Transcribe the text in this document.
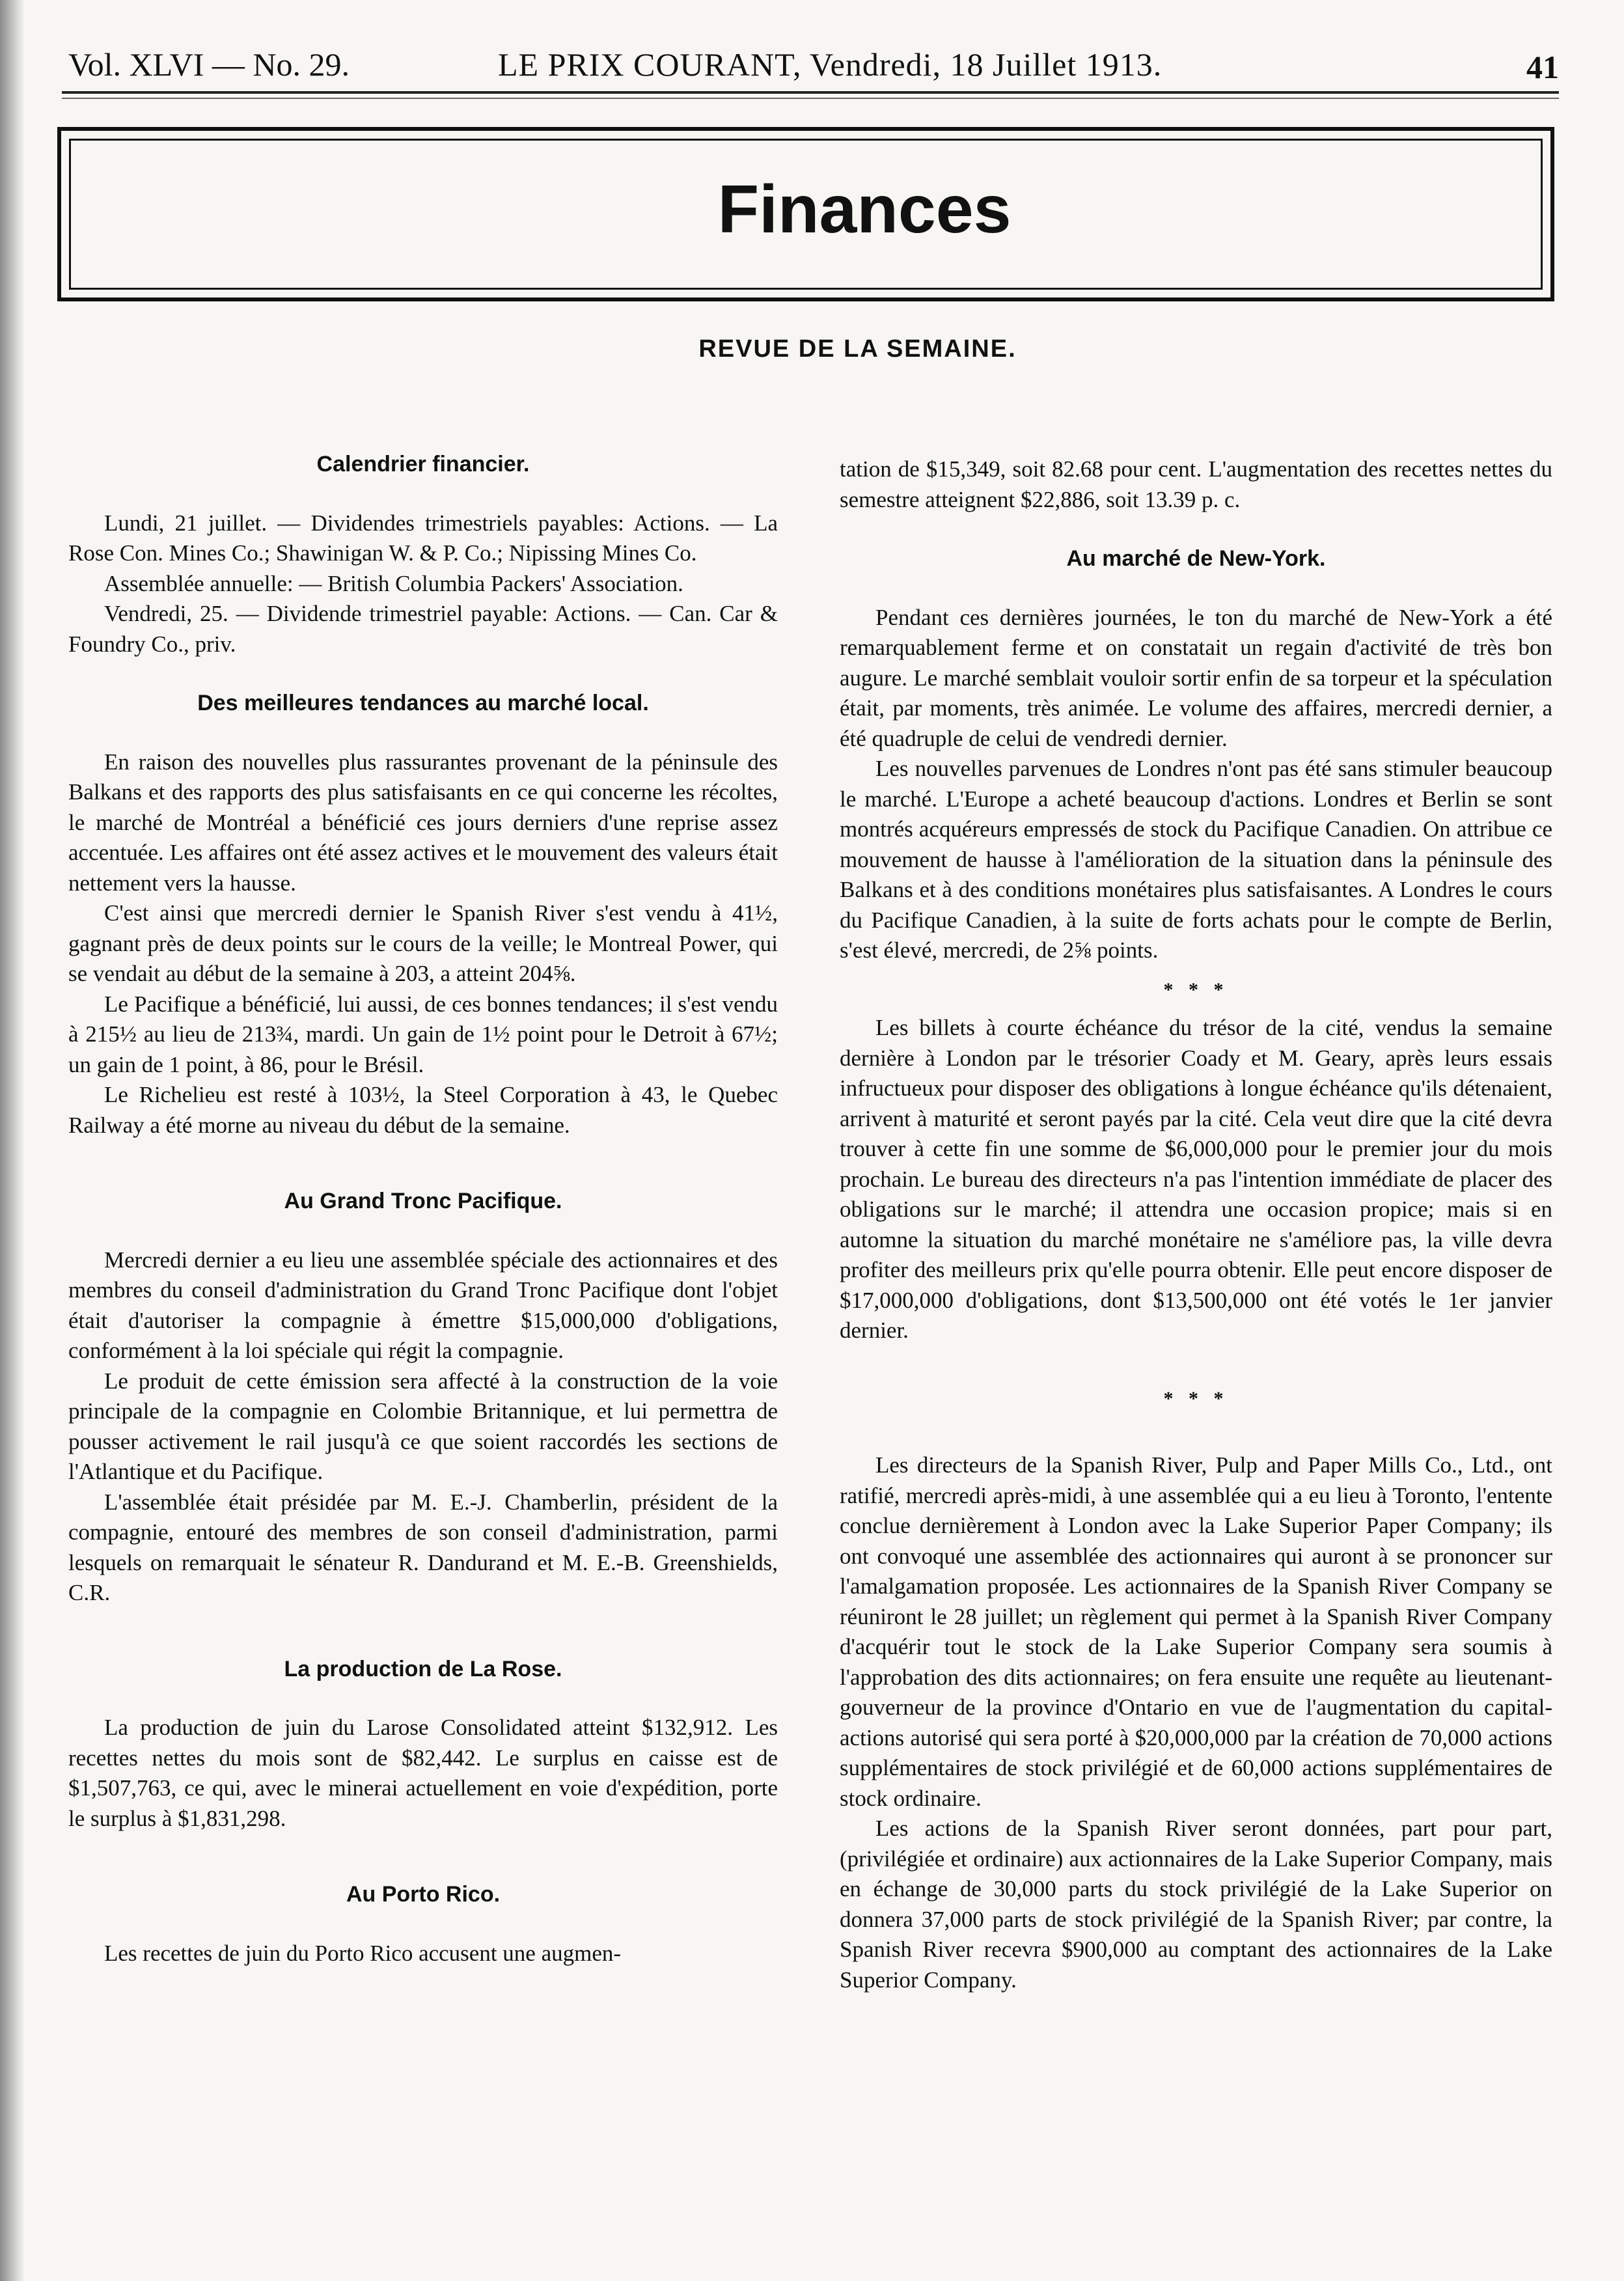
Vol. XLVI — No. 29.	LE PRIX COURANT, Vendredi, 18 Juillet 1913.	41
Finances
REVUE DE LA SEMAINE.

Calendrier financier.

Lundi, 21 juillet. — Dividendes trimestriels payables: Actions. — La Rose Con. Mines Co.; Shawinigan W. & P. Co.; Nipissing Mines Co.

Assemblée annuelle: — British Columbia Packers' Association.

Vendredi, 25. — Dividende trimestriel payable: Actions. — Can. Car & Foundry Co., priv.

Des meilleures tendances au marché local.

En raison des nouvelles plus rassurantes provenant de la péninsule des Balkans et des rapports des plus satisfaisants en ce qui concerne les récoltes, le marché de Montréal a bénéficié ces jours derniers d'une reprise assez accentuée. Les affaires ont été assez actives et le mouvement des valeurs était nettement vers la hausse.

C'est ainsi que mercredi dernier le Spanish River s'est vendu à 41½, gagnant près de deux points sur le cours de la veille; le Montreal Power, qui se vendait au début de la semaine à 203, a atteint 204⅝.

Le Pacifique a bénéficié, lui aussi, de ces bonnes tendances; il s'est vendu à 215½ au lieu de 213¾, mardi. Un gain de 1½ point pour le Detroit à 67½; un gain de 1 point, à 86, pour le Brésil.

Le Richelieu est resté à 103½, la Steel Corporation à 43, le Quebec Railway a été morne au niveau du début de la semaine.

Au Grand Tronc Pacifique.

Mercredi dernier a eu lieu une assemblée spéciale des actionnaires et des membres du conseil d'administration du Grand Tronc Pacifique dont l'objet était d'autoriser la compagnie à émettre $15,000,000 d'obligations, conformément à la loi spéciale qui régit la compagnie.

Le produit de cette émission sera affecté à la construction de la voie principale de la compagnie en Colombie Britannique, et lui permettra de pousser activement le rail jusqu'à ce que soient raccordés les sections de l'Atlantique et du Pacifique.

L'assemblée était présidée par M. E.-J. Chamberlin, président de la compagnie, entouré des membres de son conseil d'administration, parmi lesquels on remarquait le sénateur R. Dandurand et M. E.-B. Greenshields, C.R.

La production de La Rose.

La production de juin du Larose Consolidated atteint $132,912. Les recettes nettes du mois sont de $82,442. Le surplus en caisse est de $1,507,763, ce qui, avec le minerai actuellement en voie d'expédition, porte le surplus à $1,831,298.

Au Porto Rico.

Les recettes de juin du Porto Rico accusent une augmen-

tation de $15,349, soit 82.68 pour cent. L'augmentation des recettes nettes du semestre atteignent $22,886, soit 13.39 p. c.

Au marché de New-York.

Pendant ces dernières journées, le ton du marché de New-York a été remarquablement ferme et on constatait un regain d'activité de très bon augure. Le marché semblait vouloir sortir enfin de sa torpeur et la spéculation était, par moments, très animée. Le volume des affaires, mercredi dernier, a été quadruple de celui de vendredi dernier.

Les nouvelles parvenues de Londres n'ont pas été sans stimuler beaucoup le marché. L'Europe a acheté beaucoup d'actions. Londres et Berlin se sont montrés acquéreurs empressés de stock du Pacifique Canadien. On attribue ce mouvement de hausse à l'amélioration de la situation dans la péninsule des Balkans et à des conditions monétaires plus satisfaisantes. A Londres le cours du Pacifique Canadien, à la suite de forts achats pour le compte de Berlin, s'est élevé, mercredi, de 2⅝ points.

* * *

Les billets à courte échéance du trésor de la cité, vendus la semaine dernière à London par le trésorier Coady et M. Geary, après leurs essais infructueux pour disposer des obligations à longue échéance qu'ils détenaient, arrivent à maturité et seront payés par la cité. Cela veut dire que la cité devra trouver à cette fin une somme de $6,000,000 pour le premier jour du mois prochain. Le bureau des directeurs n'a pas l'intention immédiate de placer des obligations sur le marché; il attendra une occasion propice; mais si en automne la situation du marché monétaire ne s'améliore pas, la ville devra profiter des meilleurs prix qu'elle pourra obtenir. Elle peut encore disposer de $17,000,000 d'obligations, dont $13,500,000 ont été votés le 1er janvier dernier.

* * *

Les directeurs de la Spanish River, Pulp and Paper Mills Co., Ltd., ont ratifié, mercredi après-midi, à une assemblée qui a eu lieu à Toronto, l'entente conclue dernièrement à London avec la Lake Superior Paper Company; ils ont convoqué une assemblée des actionnaires qui auront à se prononcer sur l'amalgamation proposée. Les actionnaires de la Spanish River Company se réuniront le 28 juillet; un règlement qui permet à la Spanish River Company d'acquérir tout le stock de la Lake Superior Company sera soumis à l'approbation des dits actionnaires; on fera ensuite une requête au lieutenant-gouverneur de la province d'Ontario en vue de l'augmentation du capital-actions autorisé qui sera porté à $20,000,000 par la création de 70,000 actions supplémentaires de stock privilégié et de 60,000 actions supplémentaires de stock ordinaire.

Les actions de la Spanish River seront données, part pour part, (privilégiée et ordinaire) aux actionnaires de la Lake Superior Company, mais en échange de 30,000 parts du stock privilégié de la Lake Superior on donnera 37,000 parts de stock privilégié de la Spanish River; par contre, la Spanish River recevra $900,000 au comptant des actionnaires de la Lake Superior Company.
